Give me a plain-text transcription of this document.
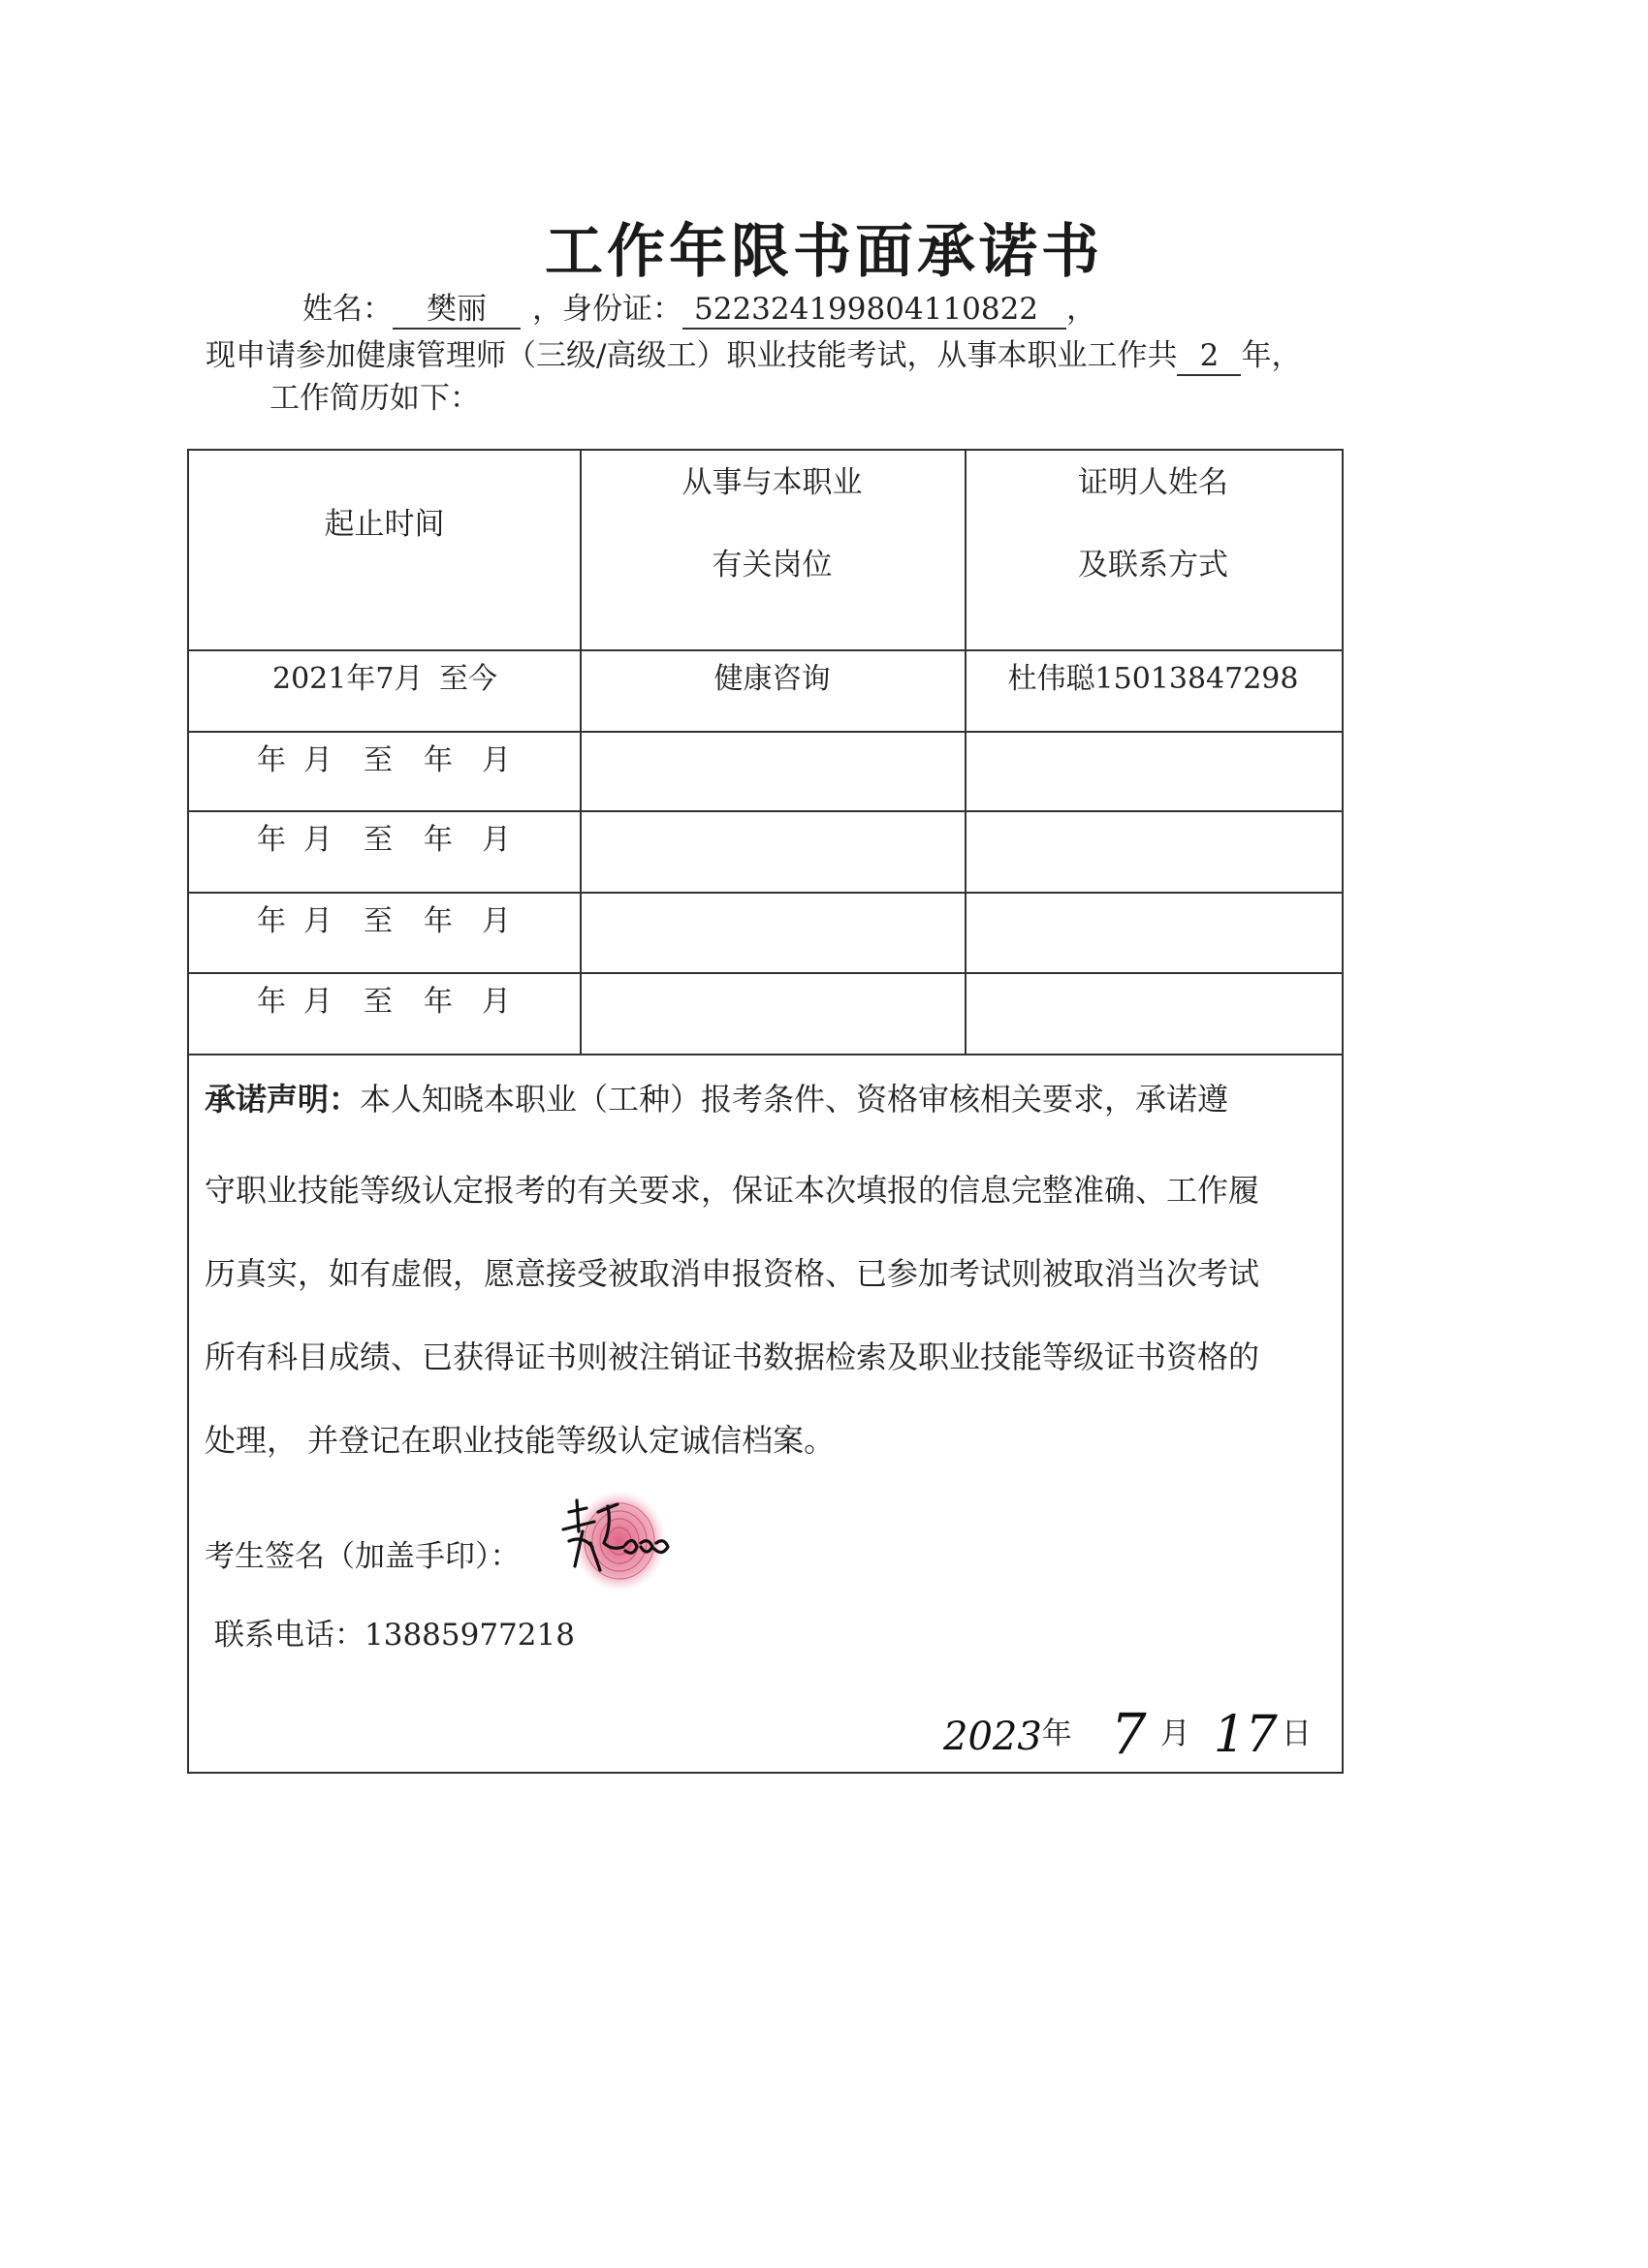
工作年限书面承诺书
姓名： 樊丽 ，身份证： 522324199804110822 ，
现申请参加健康管理师（三级/高级工）职业技能考试，从事本职业工作共 2 年，
工作简历如下：
起止时间
从事与本职业
有关岗位
证明人姓名
及联系方式
2021年7月 至今	健康咨询	杜伟聪15013847298
年 月 至 年 月
年 月 至 年 月
年 月 至 年 月
年 月 至 年 月
承诺声明：本人知晓本职业（工种）报考条件、资格审核相关要求，承诺遵
守职业技能等级认定报考的有关要求，保证本次填报的信息完整准确、工作履
历真实，如有虚假，愿意接受被取消申报资格、已参加考试则被取消当次考试
所有科目成绩、已获得证书则被注销证书数据检索及职业技能等级证书资格的
处理， 并登记在职业技能等级认定诚信档案。
考生签名（加盖手印）：
联系电话：13885977218
2023年 7 月 17 日
